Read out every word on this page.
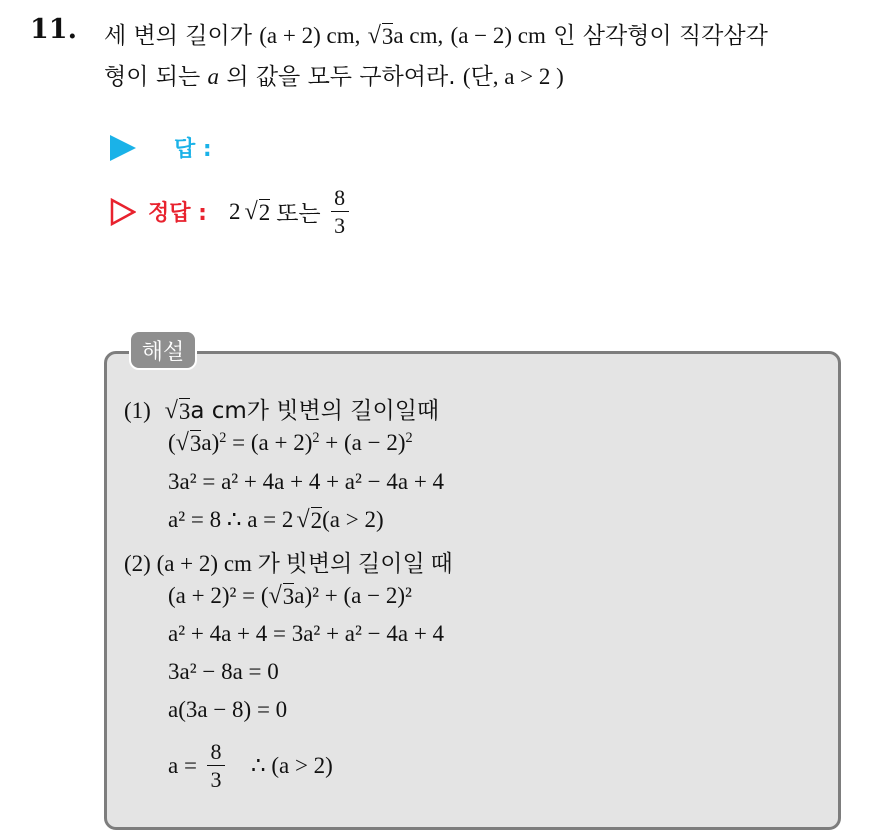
11. 세 변의 길이가 (a + 2) cm, √ 3 a cm, (a − 2) cm 인 삼각형이 직각삼각
형이 되는 a 의 값을 모두 구하여라. (단, a > 2 )
답 :
정답 : 2 √ 2 또는 $\frac{8}{3}$
해설
(1) √ 3 a cm가 빗변의 길이일때
( √ 3 $a)^2 = (a + 2)^2 + (a - 2)^2$
3a² = a² + 4a + 4 + a² − 4a + 4
a² = 8 ∴ a = 2 √ 2 (a > 2)
(2) (a + 2) cm 가 빗변의 길이일 때
(a + 2)² = ( √ 3 a)² + (a − 2)²
a² + 4a + 4 = 3a² + a² − 4a + 4
3a² − 8a = 0
a(3a − 8) = 0
$a = \frac{8}{3}$ ∴ (a > 2)
